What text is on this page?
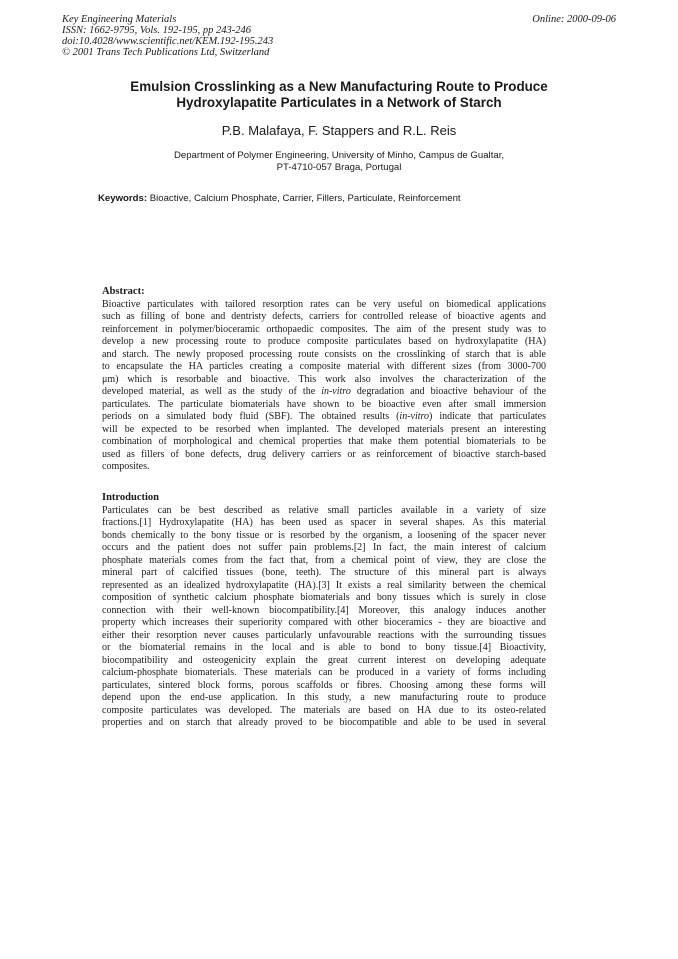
Key Engineering Materials
ISSN: 1662-9795, Vols. 192-195, pp 243-246
doi:10.4028/www.scientific.net/KEM.192-195.243
© 2001 Trans Tech Publications Ltd, Switzerland
Online: 2000-09-06
Emulsion Crosslinking as a New Manufacturing Route to Produce
Hydroxylapatite Particulates in a Network of Starch
P.B. Malafaya, F. Stappers and R.L. Reis
Department of Polymer Engineering, University of Minho, Campus de Gualtar,
PT-4710-057 Braga, Portugal
Keywords: Bioactive, Calcium Phosphate, Carrier, Fillers, Particulate, Reinforcement
Abstract:
Bioactive particulates with tailored resorption rates can be very useful on biomedical applications
such as filling of bone and dentristy defects, carriers for controlled release of bioactive agents and
reinforcement in polymer/bioceramic orthopaedic composites. The aim of the present study was to
develop a new processing route to produce composite particulates based on hydroxylapatite (HA)
and starch. The newly proposed processing route consists on the crosslinking of starch that is able
to encapsulate the HA particles creating a composite material with different sizes (from 3000-700
μm) which is resorbable and bioactive. This work also involves the characterization of the
developed material, as well as the study of the in-vitro degradation and bioactive behaviour of the
particulates. The particulate biomaterials have shown to be bioactive even after small immersion
periods on a simulated body fluid (SBF). The obtained results (in-vitro) indicate that particulates
will be expected to be resorbed when implanted. The developed materials present an interesting
combination of morphological and chemical properties that make them potential biomaterials to be
used as fillers of bone defects, drug delivery carriers or as reinforcement of bioactive starch-based
composites.
Introduction
Particulates can be best described as relative small particles available in a variety of size
fractions.[1] Hydroxylapatite (HA) has been used as spacer in several shapes. As this material
bonds chemically to the bony tissue or is resorbed by the organism, a loosening of the spacer never
occurs and the patient does not suffer pain problems.[2] In fact, the main interest of calcium
phosphate materials comes from the fact that, from a chemical point of view, they are close the
mineral part of calcified tissues (bone, teeth). The structure of this mineral part is always
represented as an idealized hydroxylapatite (HA).[3] It exists a real similarity between the chemical
composition of synthetic calcium phosphate biomaterials and bony tissues which is surely in close
connection with their well-known biocompatibility.[4] Moreover, this analogy induces another
property which increases their superiority compared with other bioceramics - they are bioactive and
either their resorption never causes particularly unfavourable reactions with the surrounding tissues
or the biomaterial remains in the local and is able to bond to bony tissue.[4] Bioactivity,
biocompatibility and osteogenicity explain the great current interest on developing adequate
calcium-phosphate biomaterials. These materials can be produced in a variety of forms including
particulates, sintered block forms, porous scaffolds or fibres. Choosing among these forms will
depend upon the end-use application. In this study, a new manufacturing route to produce
composite particulates was developed. The materials are based on HA due to its osteo-related
properties and on starch that already proved to be biocompatible and able to be used in several
